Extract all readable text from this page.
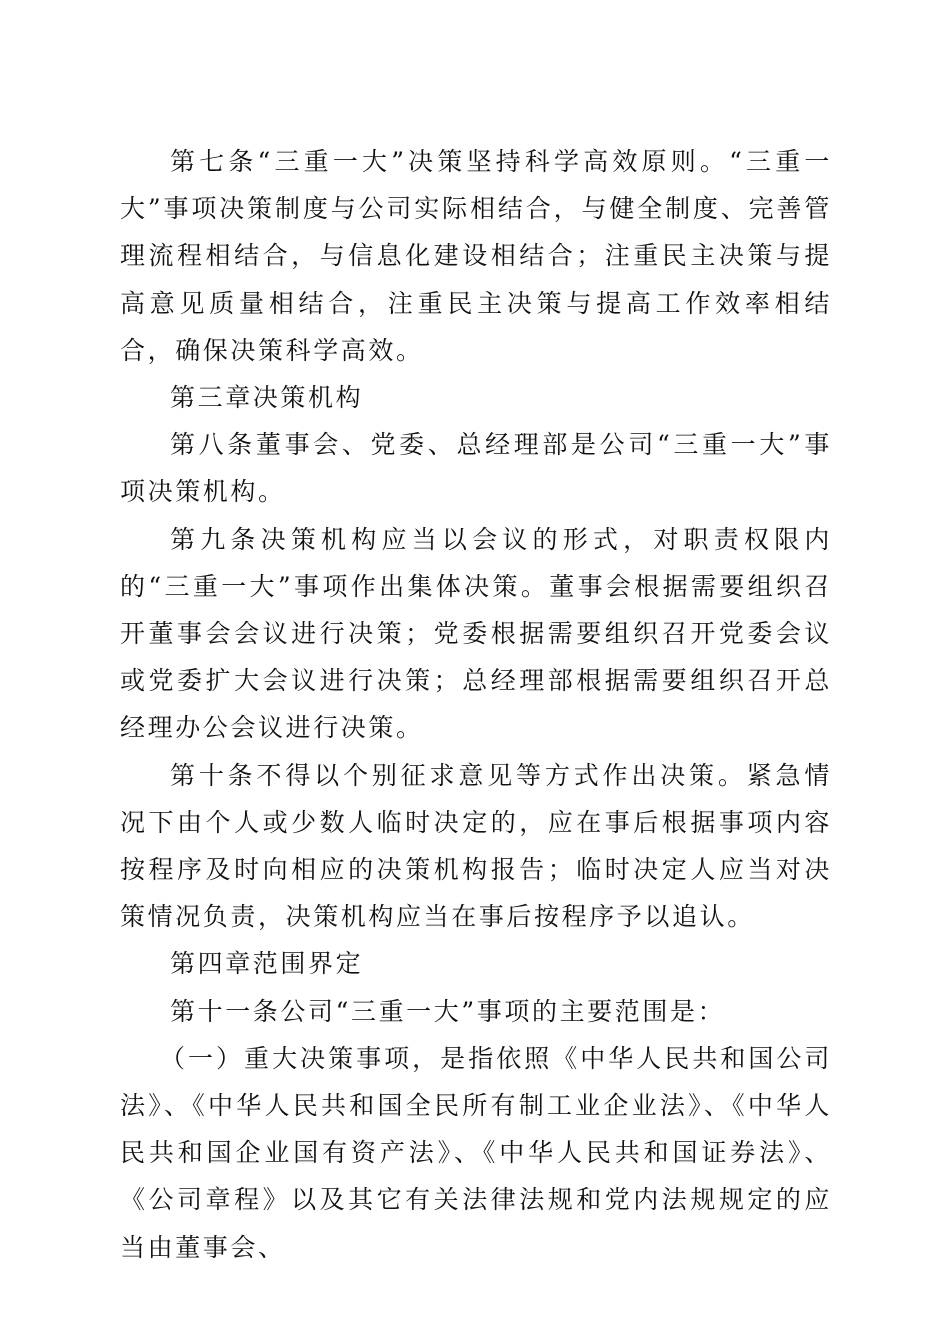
第七条“三重一大”决策坚持科学高效原则。“三重一大”事项决策制度与公司实际相结合，与健全制度、完善管理流程相结合，与信息化建设相结合；注重民主决策与提高意见质量相结合，注重民主决策与提高工作效率相结合，确保决策科学高效。

第三章决策机构

第八条董事会、党委、总经理部是公司“三重一大”事项决策机构。

第九条决策机构应当以会议的形式，对职责权限内的“三重一大”事项作出集体决策。董事会根据需要组织召开董事会会议进行决策；党委根据需要组织召开党委会议或党委扩大会议进行决策；总经理部根据需要组织召开总经理办公会议进行决策。

第十条不得以个别征求意见等方式作出决策。紧急情况下由个人或少数人临时决定的，应在事后根据事项内容按程序及时向相应的决策机构报告；临时决定人应当对决策情况负责，决策机构应当在事后按程序予以追认。

第四章范围界定

第十一条公司“三重一大”事项的主要范围是：

（一）重大决策事项，是指依照《中华人民共和国公司法》、《中华人民共和国全民所有制工业企业法》、《中华人民共和国企业国有资产法》、《中华人民共和国证券法》、《公司章程》以及其它有关法律法规和党内法规规定的应当由董事会、
